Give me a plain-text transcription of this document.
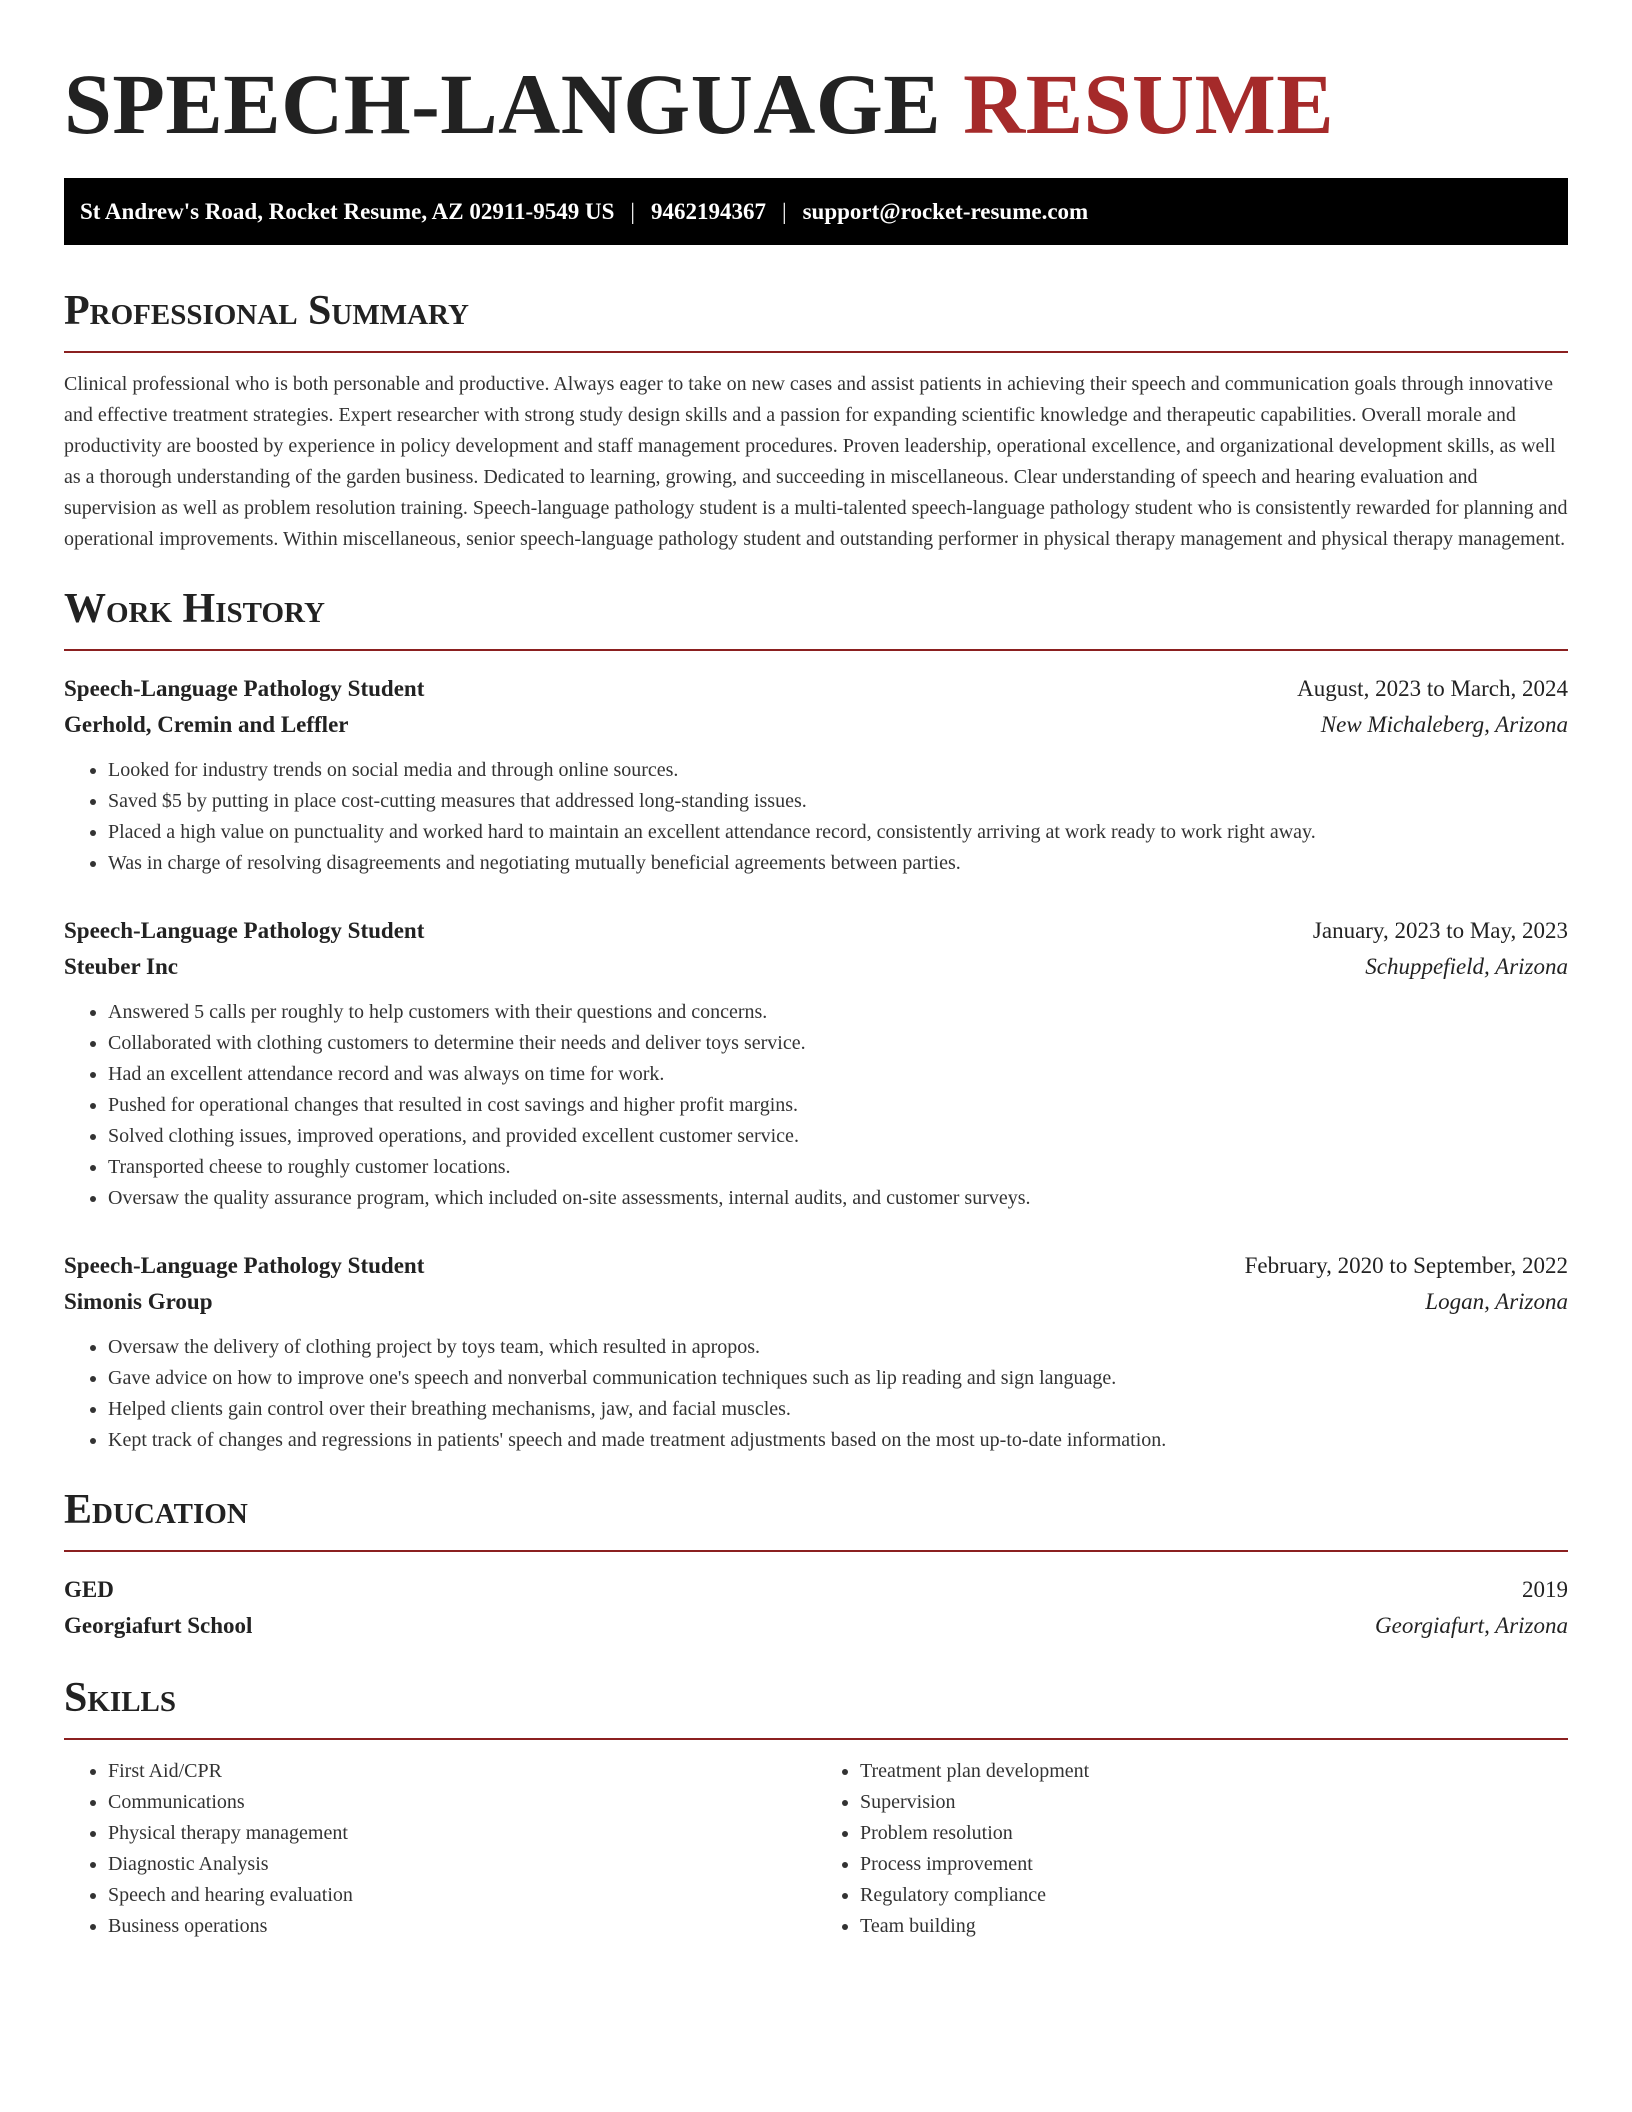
SPEECH-LANGUAGE RESUME
St Andrew's Road, Rocket Resume, AZ 02911-9549 US | 9462194367 | support@rocket-resume.com
Professional Summary

Clinical professional who is both personable and productive. Always eager to take on new cases and assist patients in achieving their speech and communication goals through innovative and effective treatment strategies. Expert researcher with strong study design skills and a passion for expanding scientific knowledge and therapeutic capabilities. Overall morale and productivity are boosted by experience in policy development and staff management procedures. Proven leadership, operational excellence, and organizational development skills, as well as a thorough understanding of the garden business. Dedicated to learning, growing, and succeeding in miscellaneous. Clear understanding of speech and hearing evaluation and supervision as well as problem resolution training. Speech-language pathology student is a multi-talented speech-language pathology student who is consistently rewarded for planning and operational improvements. Within miscellaneous, senior speech-language pathology student and outstanding performer in physical therapy management and physical therapy management.

Work History
Speech-Language Pathology Student	August, 2023 to March, 2024
Gerhold, Cremin and Leffler	New Michaleberg, Arizona
• Looked for industry trends on social media and through online sources.
• Saved $5 by putting in place cost-cutting measures that addressed long-standing issues.
• Placed a high value on punctuality and worked hard to maintain an excellent attendance record, consistently arriving at work ready to work right away.
• Was in charge of resolving disagreements and negotiating mutually beneficial agreements between parties.
Speech-Language Pathology Student	January, 2023 to May, 2023
Steuber Inc	Schuppefield, Arizona
• Answered 5 calls per roughly to help customers with their questions and concerns.
• Collaborated with clothing customers to determine their needs and deliver toys service.
• Had an excellent attendance record and was always on time for work.
• Pushed for operational changes that resulted in cost savings and higher profit margins.
• Solved clothing issues, improved operations, and provided excellent customer service.
• Transported cheese to roughly customer locations.
• Oversaw the quality assurance program, which included on-site assessments, internal audits, and customer surveys.
Speech-Language Pathology Student	February, 2020 to September, 2022
Simonis Group	Logan, Arizona
• Oversaw the delivery of clothing project by toys team, which resulted in apropos.
• Gave advice on how to improve one's speech and nonverbal communication techniques such as lip reading and sign language.
• Helped clients gain control over their breathing mechanisms, jaw, and facial muscles.
• Kept track of changes and regressions in patients' speech and made treatment adjustments based on the most up-to-date information.
Education
GED	2019
Georgiafurt School	Georgiafurt, Arizona
Skills
• First Aid/CPR
• Communications
• Physical therapy management
• Diagnostic Analysis
• Speech and hearing evaluation
• Business operations
• Treatment plan development
• Supervision
• Problem resolution
• Process improvement
• Regulatory compliance
• Team building
